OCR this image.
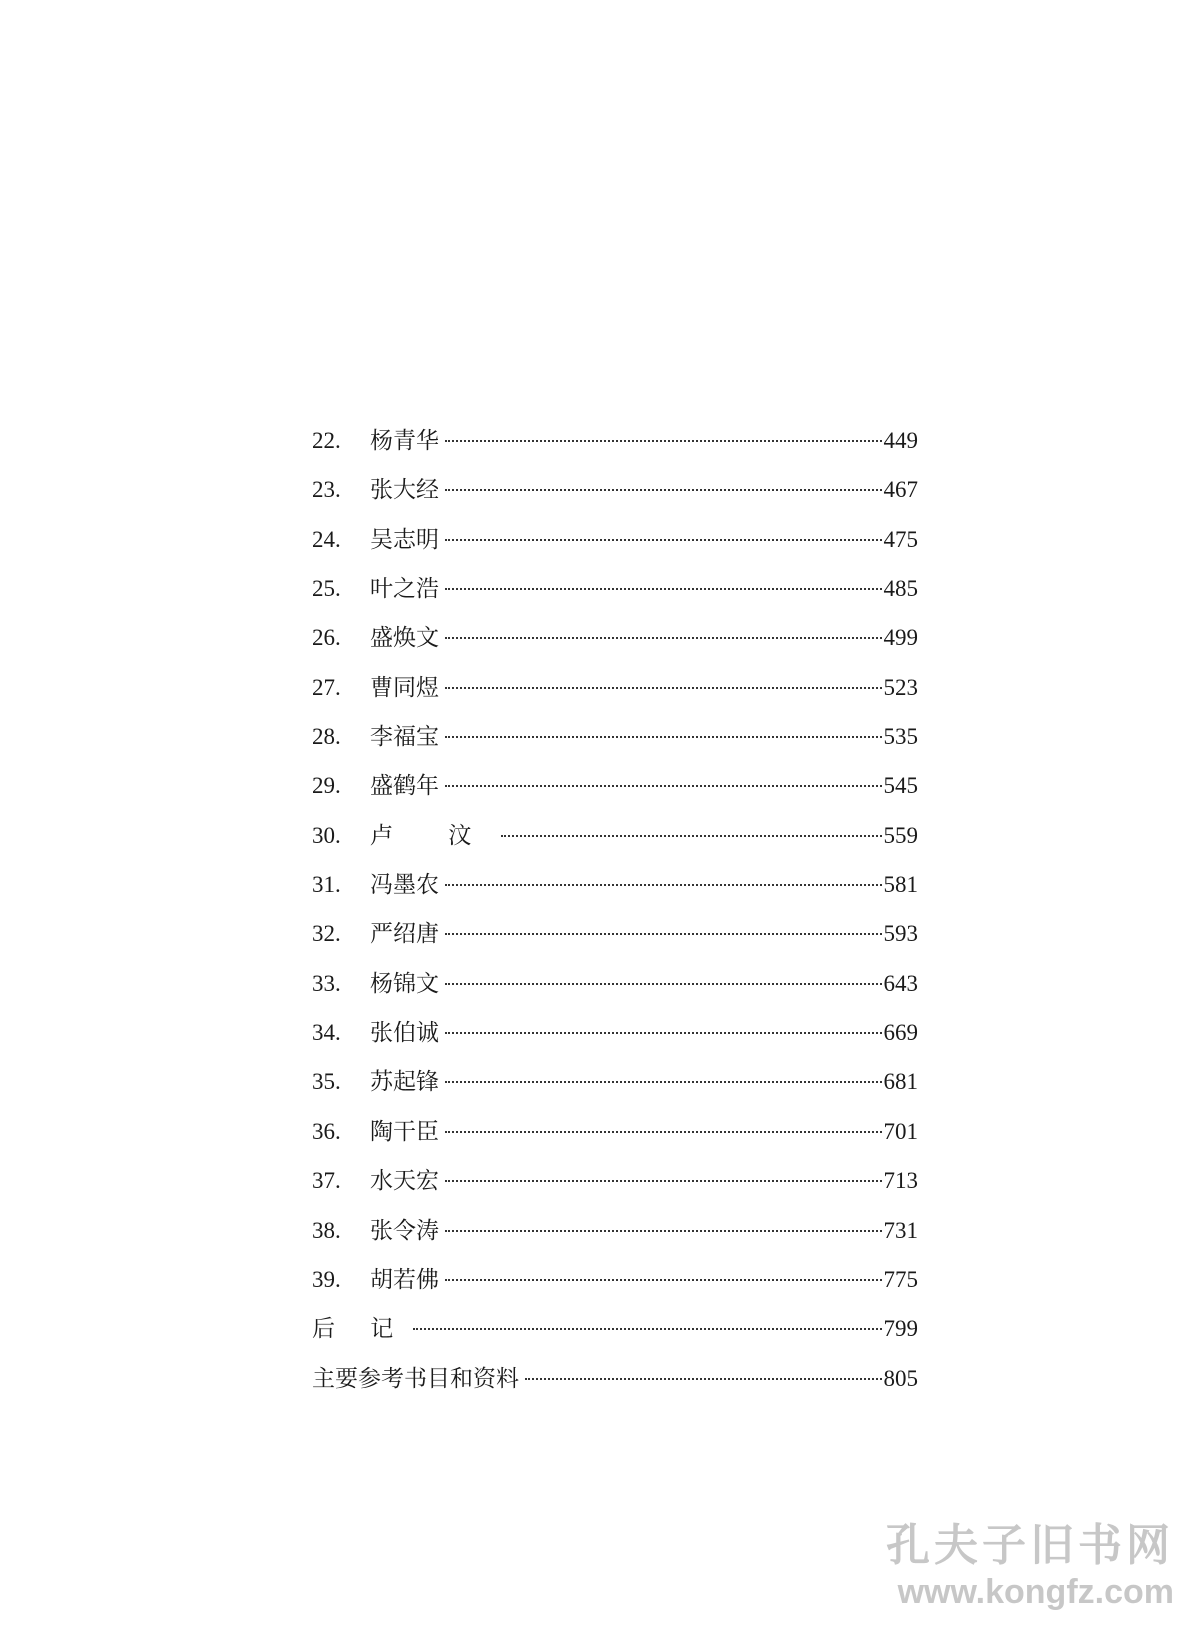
22.	杨青华	449
23.	张大经	467
24.	吴志明	475
25.	叶之浩	485
26.	盛焕文	499
27.	曹同煜	523
28.	李福宝	535
29.	盛鹤年	545
30.	卢 汶	559
31.	冯墨农	581
32.	严绍唐	593
33.	杨锦文	643
34.	张伯诚	669
35.	苏起锋	681
36.	陶干臣	701
37.	水天宏	713
38.	张令涛	731
39.	胡若佛	775
后 记	799
主要参考书目和资料	805
孔夫子旧书网
www.kongfz.com
